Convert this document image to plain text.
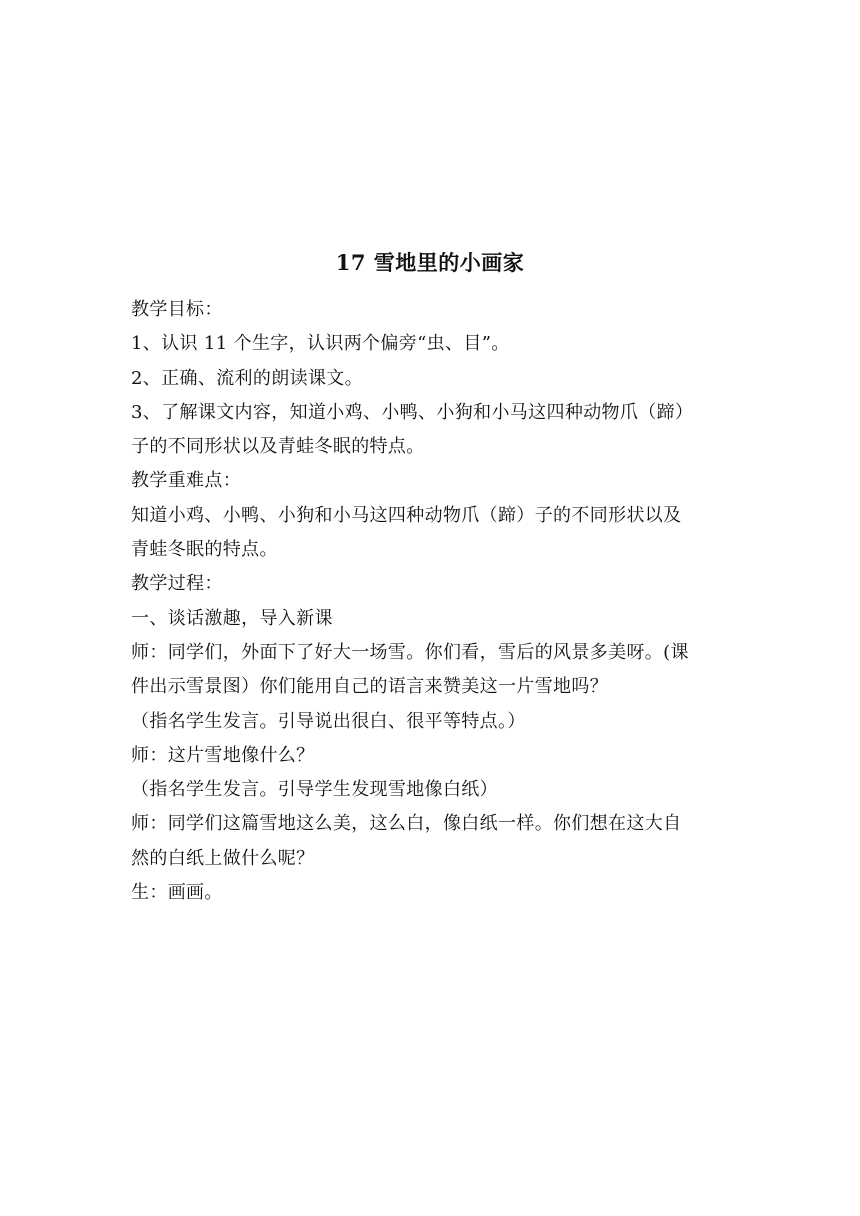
17 雪地里的小画家
教学目标：
1、认识 11 个生字，认识两个偏旁“虫、目”。
2、正确、流利的朗读课文。
3、了解课文内容，知道小鸡、小鸭、小狗和小马这四种动物爪（蹄）
子的不同形状以及青蛙冬眠的特点。
教学重难点：
知道小鸡、小鸭、小狗和小马这四种动物爪（蹄）子的不同形状以及
青蛙冬眠的特点。
教学过程：
一、谈话激趣，导入新课
师：同学们，外面下了好大一场雪。你们看，雪后的风景多美呀。(课
件出示雪景图）你们能用自己的语言来赞美这一片雪地吗？
（指名学生发言。引导说出很白、很平等特点。）
师：这片雪地像什么？
（指名学生发言。引导学生发现雪地像白纸）
师：同学们这篇雪地这么美，这么白，像白纸一样。你们想在这大自
然的白纸上做什么呢？
生：画画。
